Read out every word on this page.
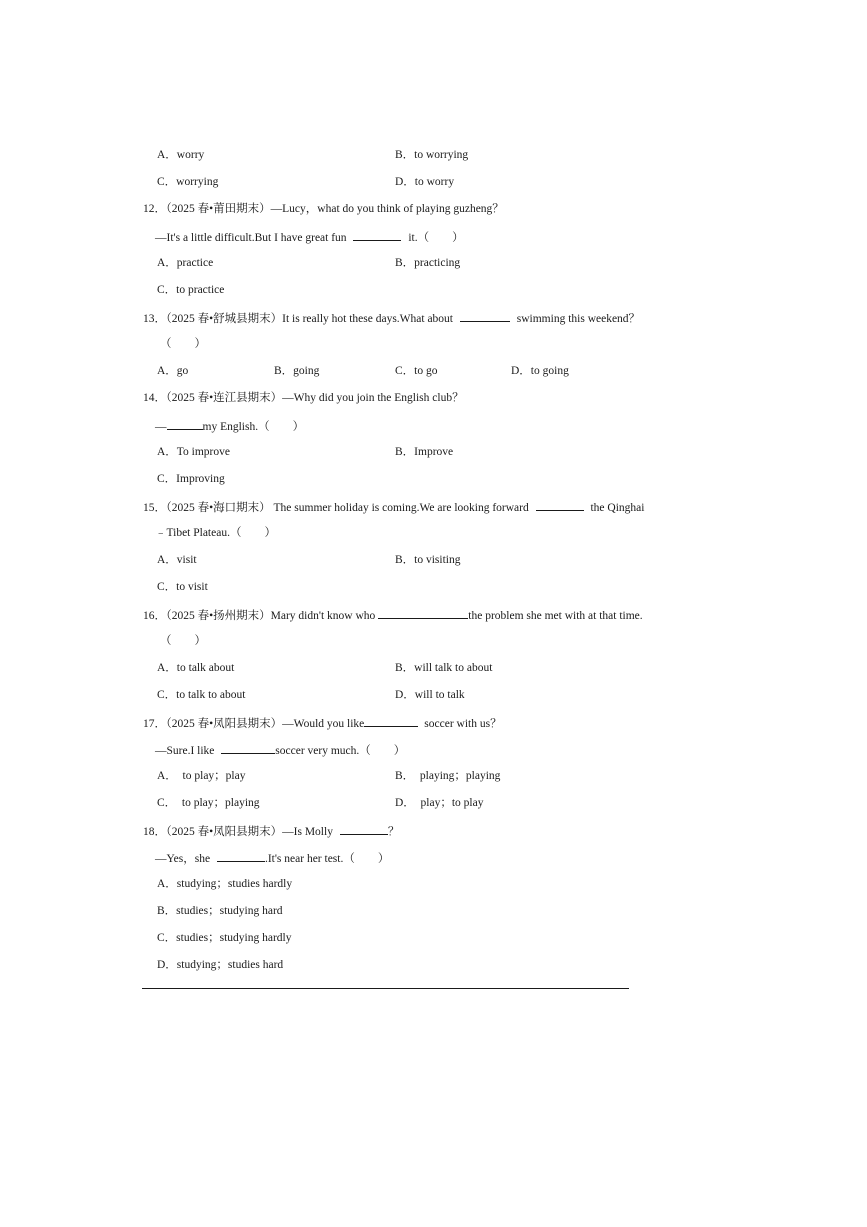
A．worry	B．to worrying
C．worrying	D．to worry
12．（2025 春•莆田期末）—Lucy，what do you think of playing guzheng？
—It's a little difficult.But I have great fun	it.（　　）
A．practice	B．practicing
C．to practice
13．（2025 春•舒城县期末）It is really hot these days.What about	swimming this weekend？
（　　）
A．go	B．going	C．to go	D．to going
14．（2025 春•连江县期末）—Why did you join the English club？
—	my English.（　　）
A．To improve	B．Improve
C．Improving
15．（2025 春•海口期末） The summer holiday is coming.We are looking forward	the Qinghai
﹣Tibet Plateau.（　　）
A．visit	B．to visiting
C．to visit
16．（2025 春•扬州期末）Mary didn't know who	the problem she met with at that time.
（　　）
A．to talk about	B．will talk to about
C．to talk to about	D．will to talk
17．（2025 春•凤阳县期末）—Would you like	soccer with us？
—Sure.I like	soccer very much.（　　）
A．　to play；play	B．　playing；playing
C．　to play；playing	D．　play；to play
18．（2025 春•凤阳县期末）—Is Molly	？
—Yes，she	.It's near her test.（　　）
A．studying；studies hardly
B．studies；studying hard
C．studies；studying hardly
D．studying；studies hard
